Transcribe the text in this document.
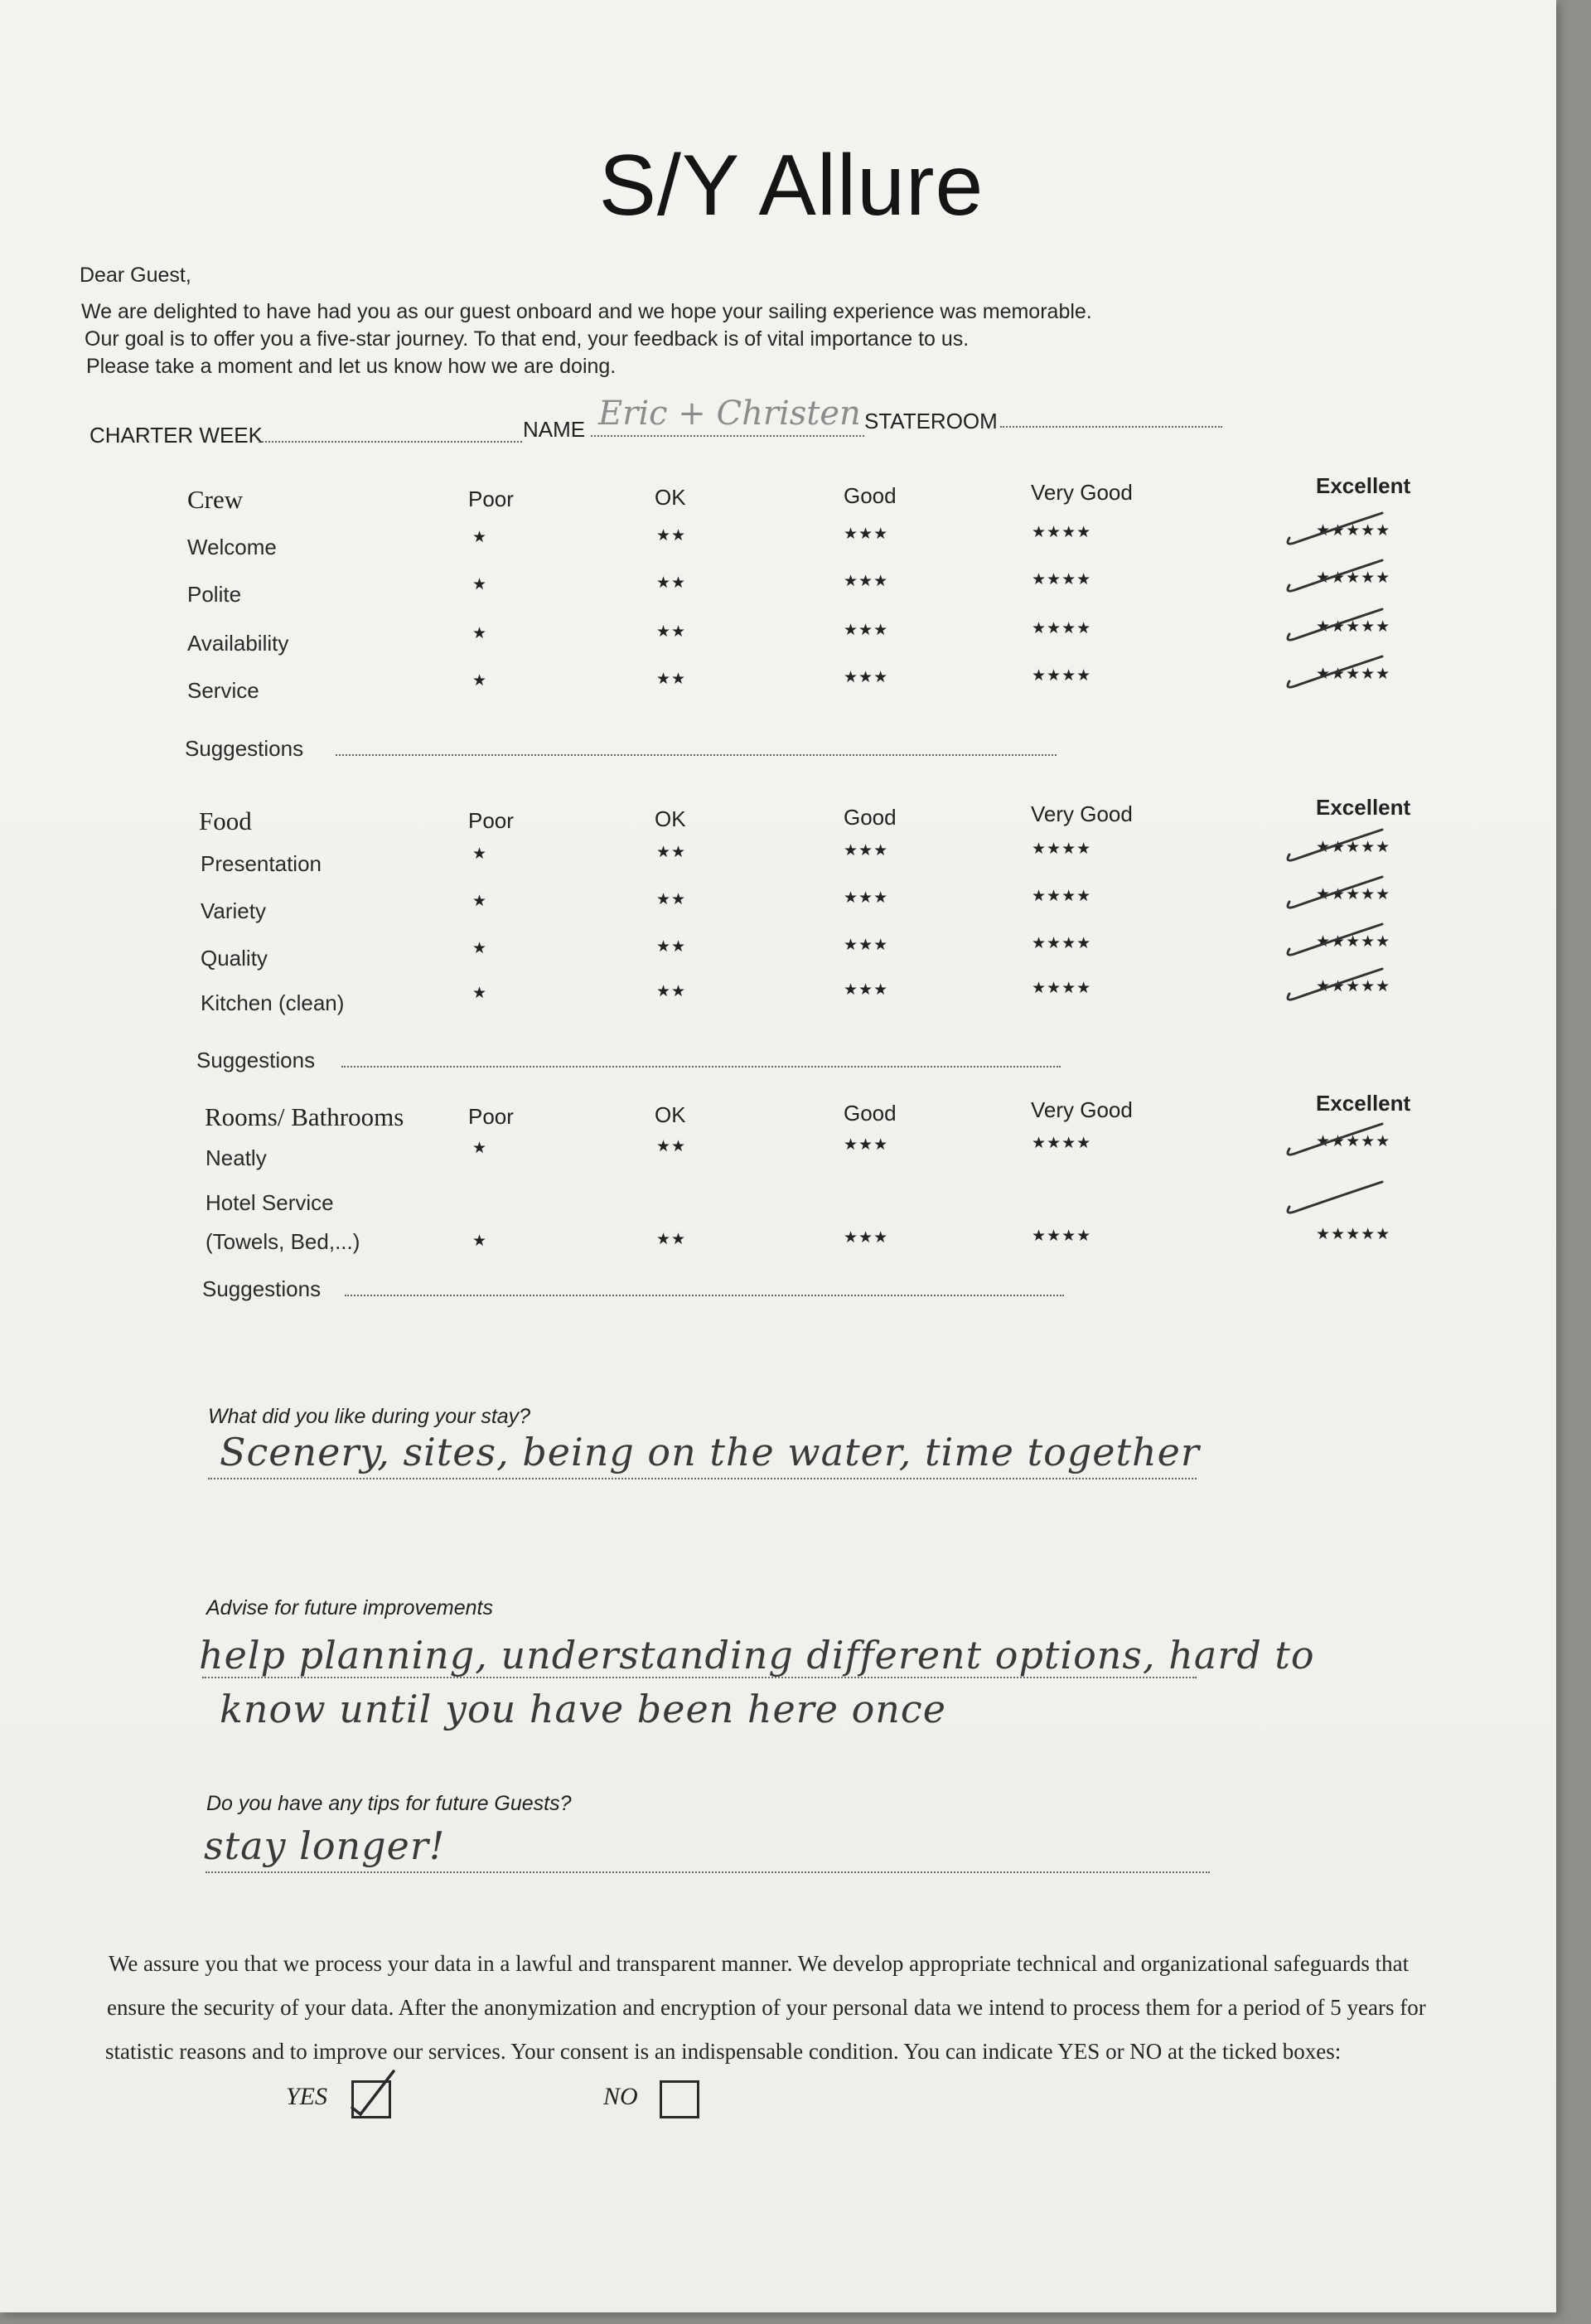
S/Y Allure
Dear Guest,
We are delighted to have had you as our guest onboard and we hope your sailing experience was memorable.
Our goal is to offer you a five-star journey. To that end, your feedback is of vital importance to us.
Please take a moment and let us know how we are doing.
CHARTER WEEK	NAME Eric + Christen STATEROOM
Crew	Poor	OK	Good	Very Good	Excellent
Welcome	★	★★	★★★	★★★★	★★★★★
Polite	★	★★	★★★	★★★★	★★★★★
Availability	★	★★	★★★	★★★★	★★★★★
Service	★	★★	★★★	★★★★	★★★★★
Suggestions
Food	Poor	OK	Good	Very Good	Excellent
Presentation	★	★★	★★★	★★★★	★★★★★
Variety	★	★★	★★★	★★★★	★★★★★
Quality	★	★★	★★★	★★★★	★★★★★
Kitchen (clean)	★	★★	★★★	★★★★	★★★★★
Suggestions
Rooms/ Bathrooms	Poor	OK	Good	Very Good	Excellent
Neatly	★	★★	★★★	★★★★	★★★★★
Hotel Service
(Towels, Bed,...)	★	★★	★★★	★★★★	★★★★★
Suggestions
What did you like during your stay?
Scenery, sites, being on the water, time together
Advise for future improvements
help planning, understanding different options, hard to
know until you have been here once
Do you have any tips for future Guests?
stay longer!
We assure you that we process your data in a lawful and transparent manner. We develop appropriate technical and organizational safeguards that
ensure the security of your data. After the anonymization and encryption of your personal data we intend to process them for a period of 5 years for
statistic reasons and to improve our services. Your consent is an indispensable condition. You can indicate YES or NO at the ticked boxes:
YES	NO
